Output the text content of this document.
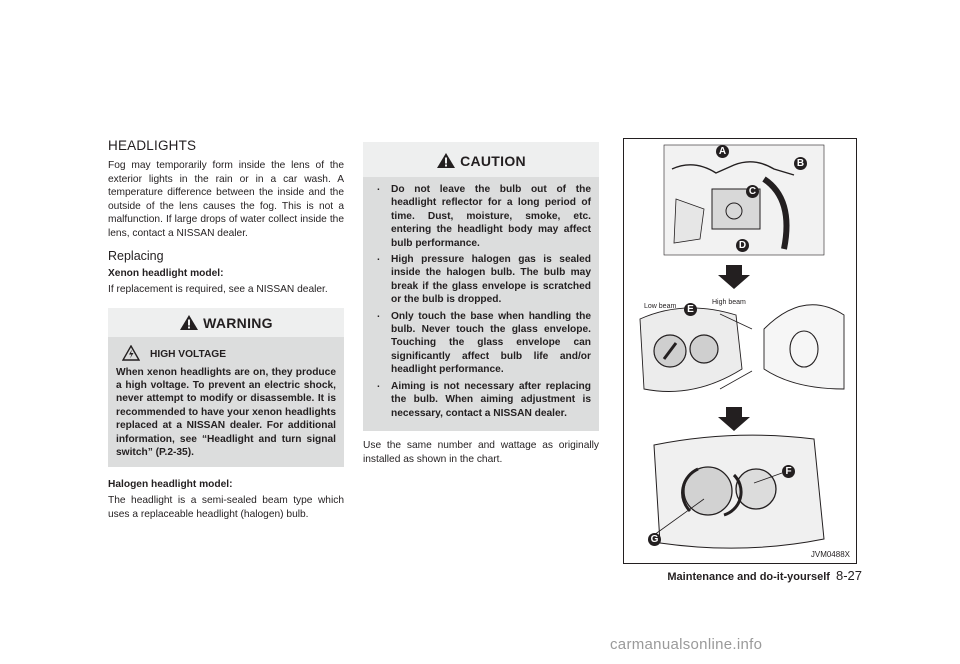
HEADLIGHTS

Fog may temporarily form inside the lens of the exterior lights in the rain or in a car wash. A temperature difference between the inside and the outside of the lens causes the fog. This is not a malfunction. If large drops of water collect inside the lens, contact a NISSAN dealer.

Replacing
Xenon headlight model:

If replacement is required, see a NISSAN dealer.

WARNING
HIGH VOLTAGE
When xenon headlights are on, they produce a high voltage. To prevent an electric shock, never attempt to modify or disassemble. It is recommended to have your xenon headlights replaced at a NISSAN dealer. For additional information, see “Headlight and turn signal switch” (P.2-35).
Halogen headlight model:

The headlight is a semi-sealed beam type which uses a replaceable headlight (halogen) bulb.

CAUTION
. Do not leave the bulb out of the headlight reflector for a long period of time. Dust, moisture, smoke, etc. entering the headlight body may affect bulb performance.
. High pressure halogen gas is sealed inside the halogen bulb. The bulb may break if the glass envelope is scratched or the bulb is dropped.
. Only touch the base when handling the bulb. Never touch the glass envelope. Touching the glass envelope can significantly affect bulb life and/or headlight performance.
. Aiming is not necessary after replacing the bulb. When aiming adjustment is necessary, contact a NISSAN dealer.

Use the same number and wattage as originally installed as shown in the chart.

A
B
C
D
Low beam
High beam
E
F
G
JVM0488X
Maintenance and do-it-yourself 8-27
carmanualsonline.info
